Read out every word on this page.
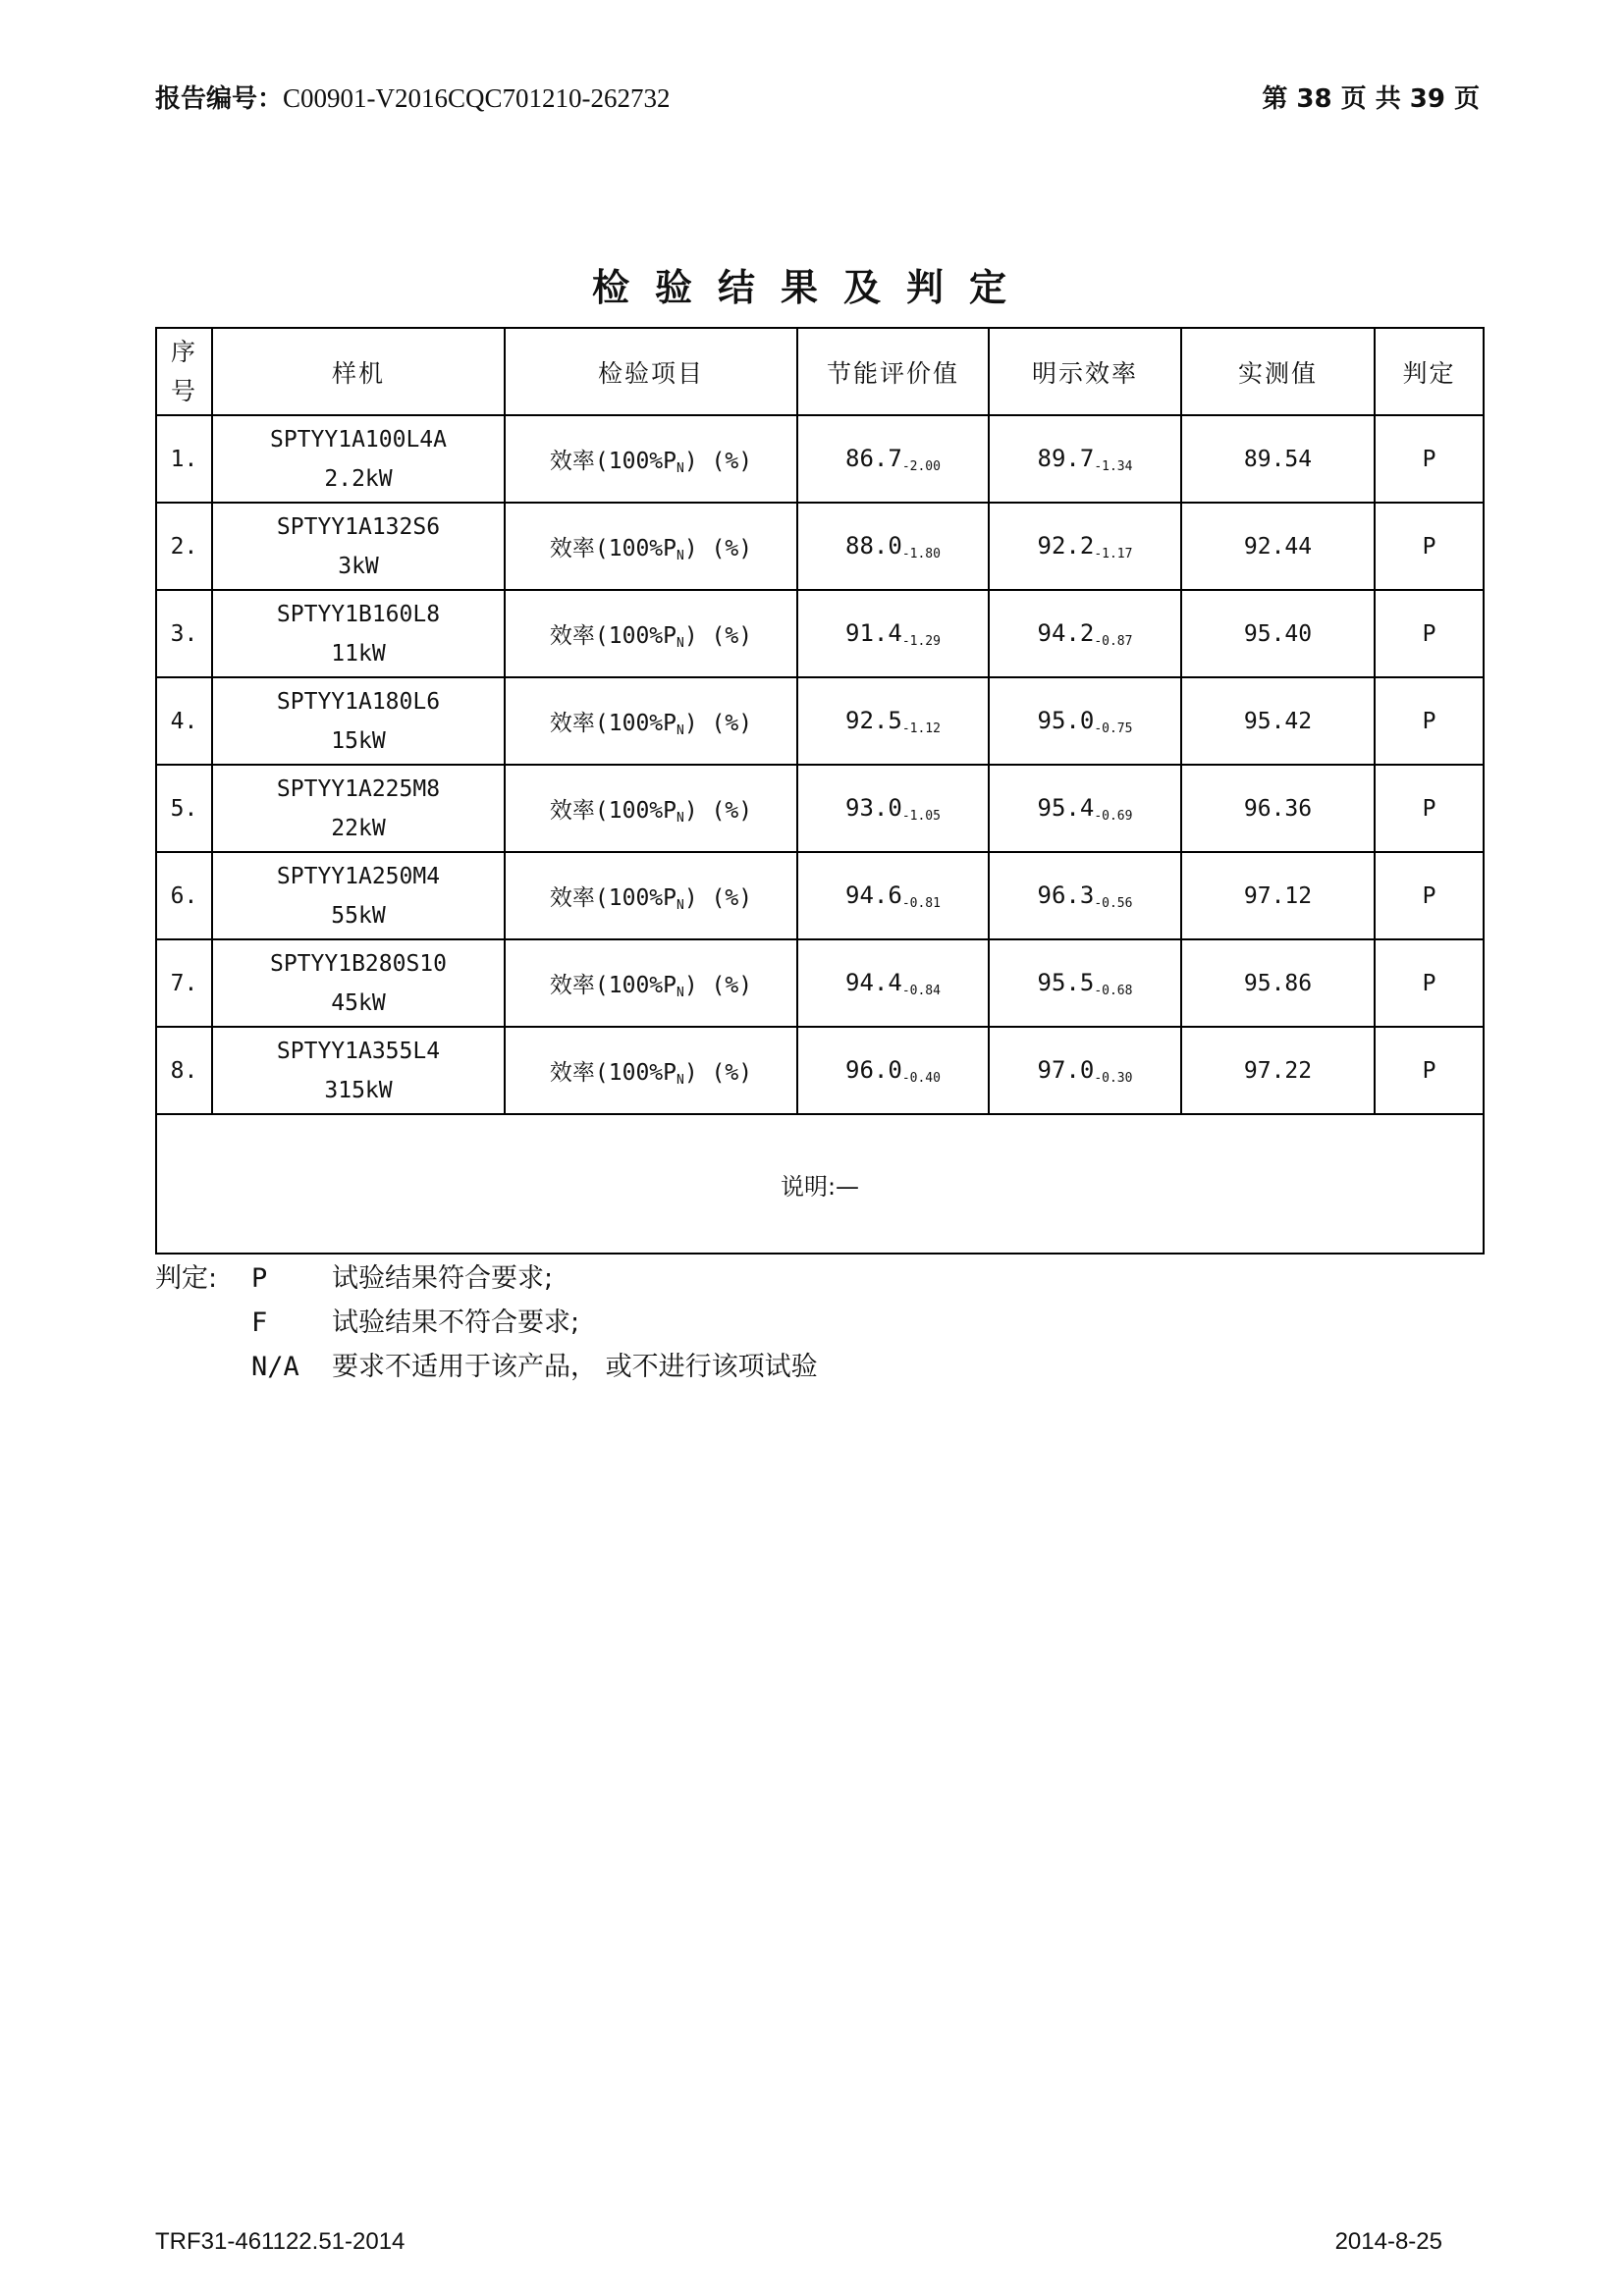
报告编号：C00901-V2016CQC701210-262732	第 38 页 共 39 页
检验结果及判定
序
号	样机	检验项目	节能评价值	明示效率	实测值	判定
1.	SPTYY1A100L4A
2.2kW	效率(100%PN) (%)	86.7-2.00	89.7-1.34	89.54	P
2.	SPTYY1A132S6
3kW	效率(100%PN) (%)	88.0-1.80	92.2-1.17	92.44	P
3.	SPTYY1B160L8
11kW	效率(100%PN) (%)	91.4-1.29	94.2-0.87	95.40	P
4.	SPTYY1A180L6
15kW	效率(100%PN) (%)	92.5-1.12	95.0-0.75	95.42	P
5.	SPTYY1A225M8
22kW	效率(100%PN) (%)	93.0-1.05	95.4-0.69	96.36	P
6.	SPTYY1A250M4
55kW	效率(100%PN) (%)	94.6-0.81	96.3-0.56	97.12	P
7.	SPTYY1B280S10
45kW	效率(100%PN) (%)	94.4-0.84	95.5-0.68	95.86	P
8.	SPTYY1A355L4
315kW	效率(100%PN) (%)	96.0-0.40	97.0-0.30	97.22	P
说明:—						
判定:	P	试验结果符合要求;
F	试验结果不符合要求;
N/A	要求不适用于该产品， 或不进行该项试验
TRF31-461122.51-2014	2014-8-25
